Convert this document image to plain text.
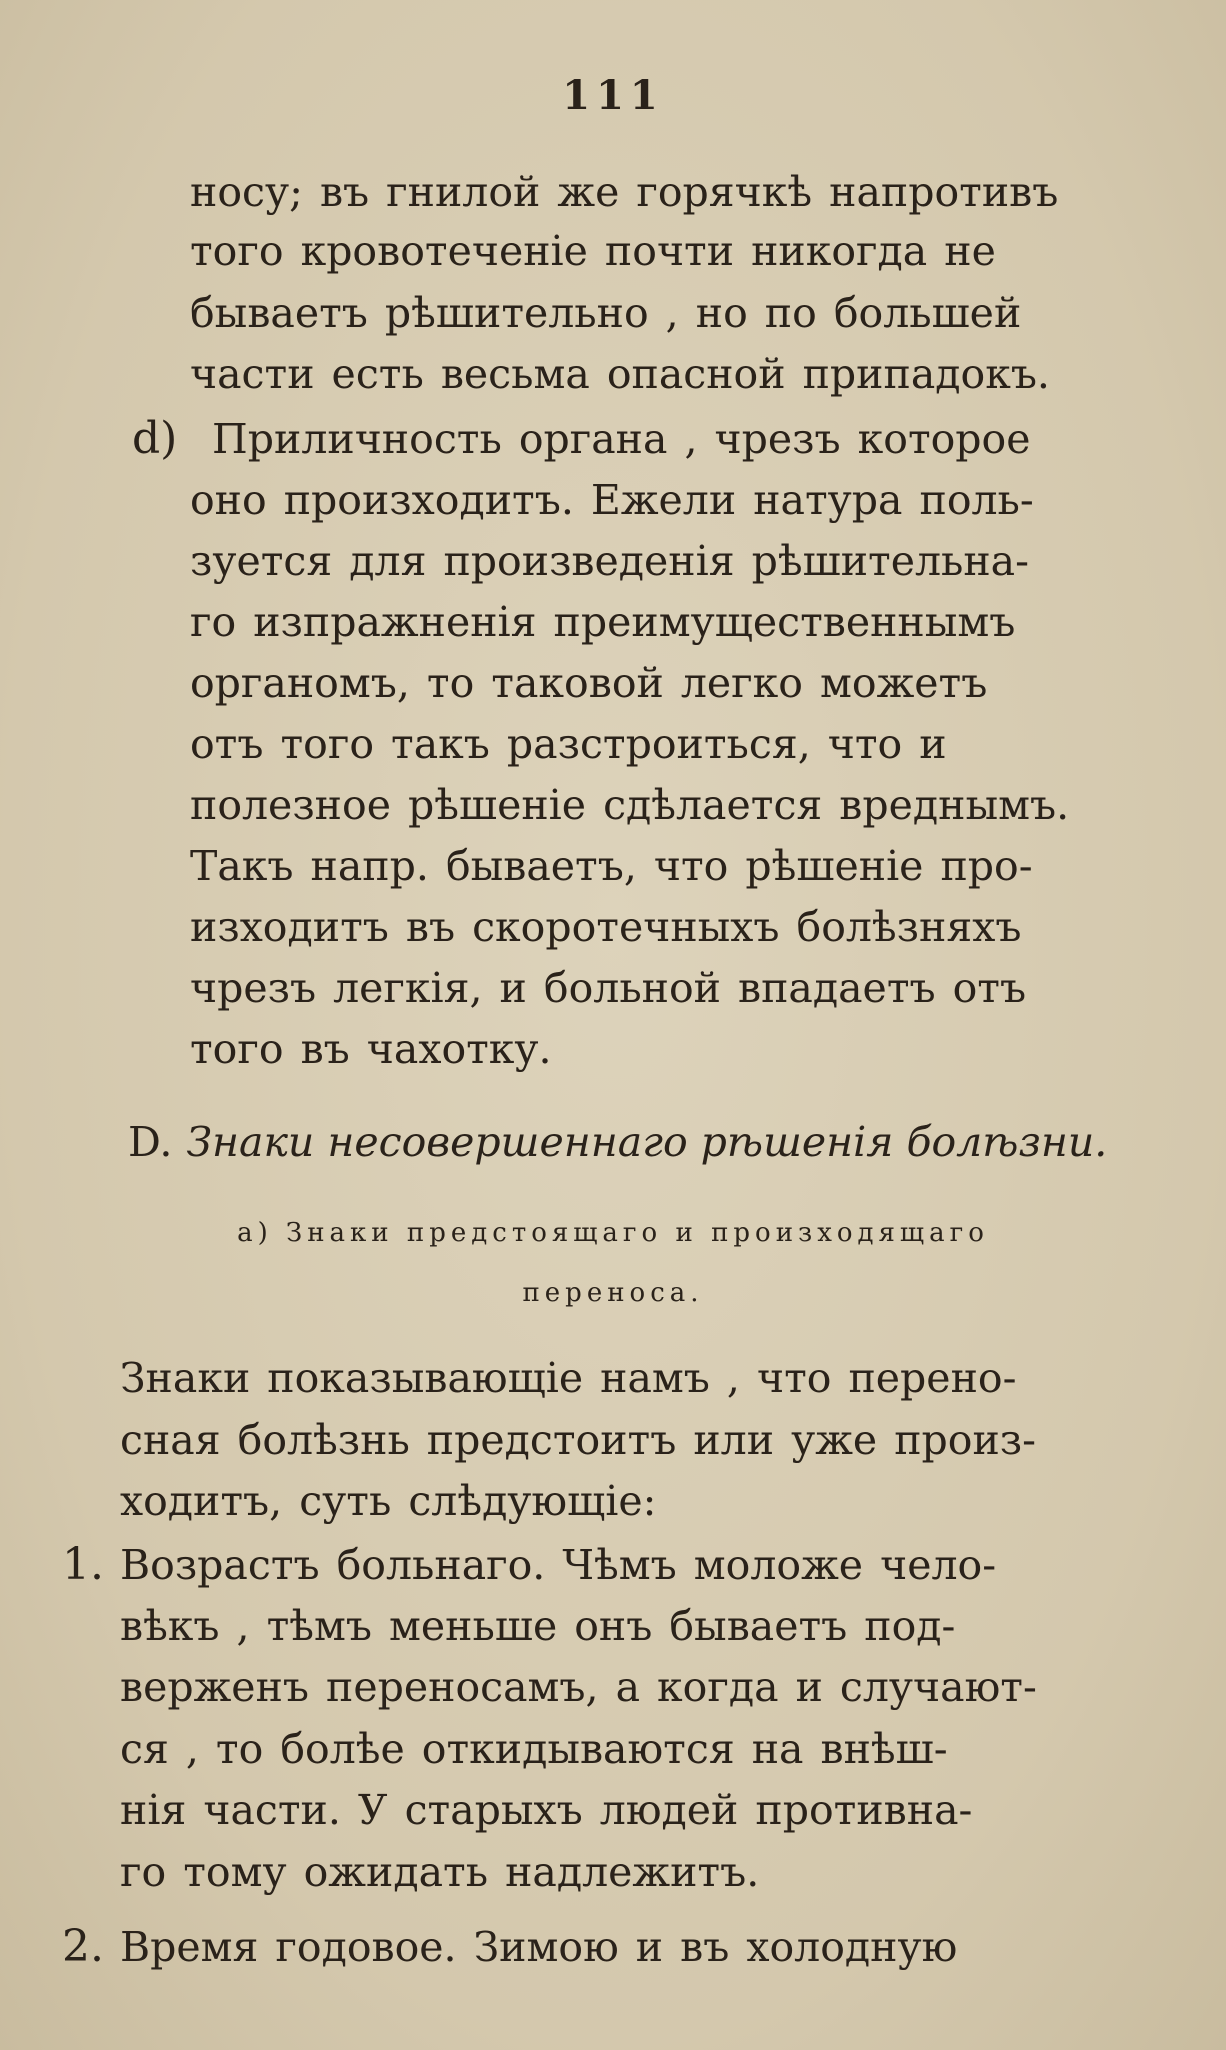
111
носу; въ гнилой же горячкѣ напротивъ
того кровотеченіе почти никогда не
бываетъ рѣшительно , но по большей
части есть весьма опасной припадокъ.
d) Приличность органа , чрезъ которое
оно произходитъ. Ежели натура поль-
зуется для произведенія рѣшительна-
го изпражненія преимущественнымъ
органомъ, то таковой легко можетъ
отъ того такъ разстроиться, что и
полезное рѣшеніе сдѣлается вреднымъ.
Такъ напр. бываетъ, что рѣшеніе про-
изходитъ въ скоротечныхъ болѣзняхъ
чрезъ легкія, и больной впадаетъ отъ
того въ чахотку.
D. Знаки несовершеннаго рѣшенія болѣзни.
а) Знаки предстоящаго и произходящаго
переноса.
Знаки показывающіе намъ , что перено-
сная болѣзнь предстоитъ или уже произ-
ходитъ, суть слѣдующіе:
1. Возрастъ больнаго. Чѣмъ моложе чело-
вѣкъ , тѣмъ меньше онъ бываетъ под-
верженъ переносамъ, а когда и случают-
ся , то болѣе откидываются на внѣш-
нія части. У старыхъ людей противна-
го тому ожидать надлежитъ.
2. Время годовое. Зимою и въ холодную
